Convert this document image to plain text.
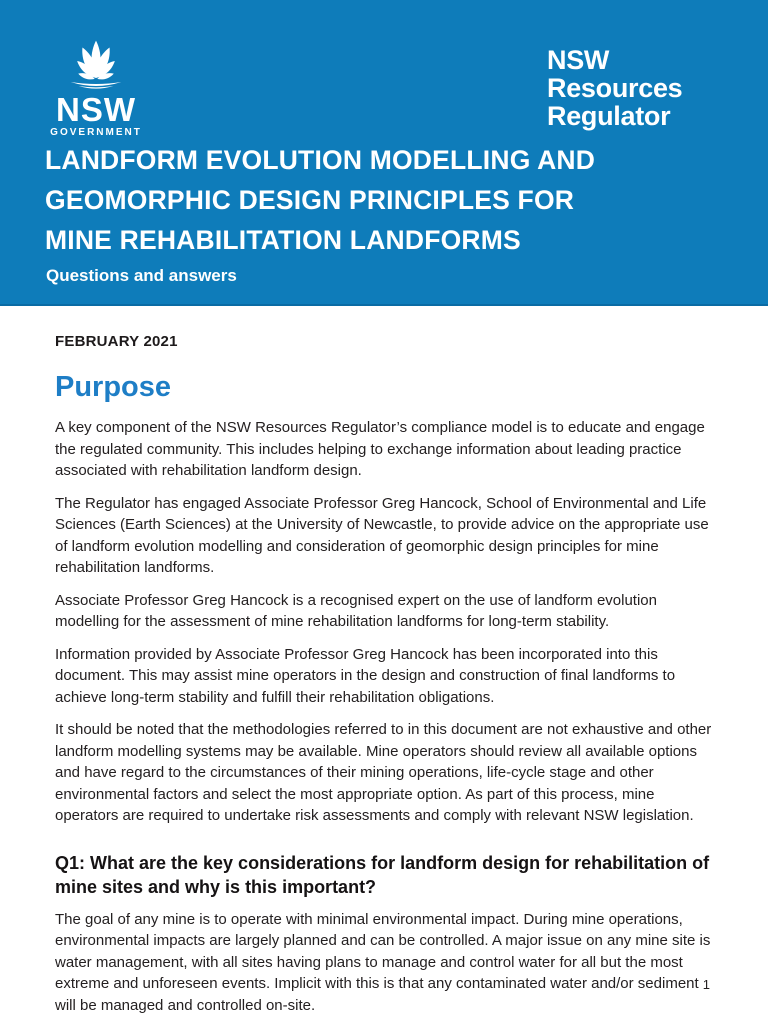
NSW
GOVERNMENT
NSW
Resources
Regulator
LANDFORM EVOLUTION MODELLING AND
GEOMORPHIC DESIGN PRINCIPLES FOR
MINE REHABILITATION LANDFORMS
Questions and answers
FEBRUARY 2021
Purpose

A key component of the NSW Resources Regulator’s compliance model is to educate and engage the regulated community. This includes helping to exchange information about leading practice associated with rehabilitation landform design.

The Regulator has engaged Associate Professor Greg Hancock, School of Environmental and Life Sciences (Earth Sciences) at the University of Newcastle, to provide advice on the appropriate use of landform evolution modelling and consideration of geomorphic design principles for mine rehabilitation landforms.

Associate Professor Greg Hancock is a recognised expert on the use of landform evolution modelling for the assessment of mine rehabilitation landforms for long-term stability.

Information provided by Associate Professor Greg Hancock has been incorporated into this document. This may assist mine operators in the design and construction of final landforms to achieve long-term stability and fulfill their rehabilitation obligations.

It should be noted that the methodologies referred to in this document are not exhaustive and other landform modelling systems may be available. Mine operators should review all available options and have regard to the circumstances of their mining operations, life-cycle stage and other environmental factors and select the most appropriate option. As part of this process, mine operators are required to undertake risk assessments and comply with relevant NSW legislation.

Q1: What are the key considerations for landform design for rehabilitation of mine sites and why is this important?

The goal of any mine is to operate with minimal environmental impact. During mine operations, environmental impacts are largely planned and can be controlled. A major issue on any mine site is water management, with all sites having plans to manage and control water for all but the most extreme and unforeseen events. Implicit with this is that any contaminated water and/or sediment will be managed and controlled on-site.

1
